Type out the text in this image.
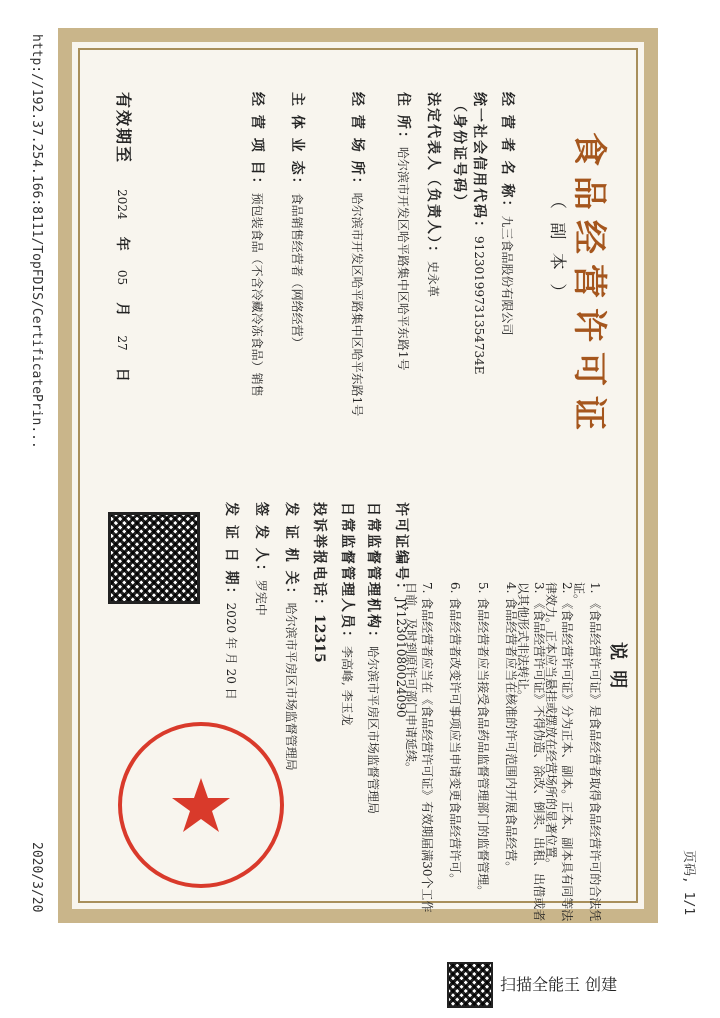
http://192.37.254.166:8111/TopFDIS/CertificatePrin...
页码, 1/1
2020/3/20
食品经营许可证
（ 副 本 ）
经 营 者 名 称：九三食品股份有限公司
统一社会信用代码：91230199731354734E
（身份证号码）
法定代表人（负责人）：史永革
住 所：哈尔滨市开发区哈平路集中区哈平东路1号
经 营 场 所：哈尔滨市开发区哈平路集中区哈平东路1号
主 体 业 态：食品销售经营者（网络经营）
经 营 项 目：预包装食品（不含冷藏冷冻食品）销售
有效期至 2024 年 05 月 27 日
说 明
1. 《食品经营许可证》是食品经营者取得食品经营许可的合法凭证。
2. 《食品经营许可证》分为正本、副本。正本、副本具有同等法律效力。正本应当悬挂或摆放在经营场所的显著位置。
3. 《食品经营许可证》不得伪造、涂改、倒卖、出租、出借或者以其他形式非法转让。
4. 食品经营者应当在核准的许可范围内开展食品经营。
5. 食品经营者应当接受食品药品监督管理部门的监督管理。
6. 食品经营者改变许可事项应当申请变更食品经营许可。
7. 食品经营者应当在《食品经营许可证》有效期届满30个工作日前，及时到原许可部门申请延续。
许可证编号：JY12301080024090
日常监督管理机构：哈尔滨市平房区市场监督管理局
日常监督管理人员：李高峰, 李玉龙
投诉举报电话：12315
发 证 机 关：哈尔滨市平房区市场监督管理局
签 发 人：罗宪中
发 证 日 期：2020 年 月 20 日
扫描全能王 创建
